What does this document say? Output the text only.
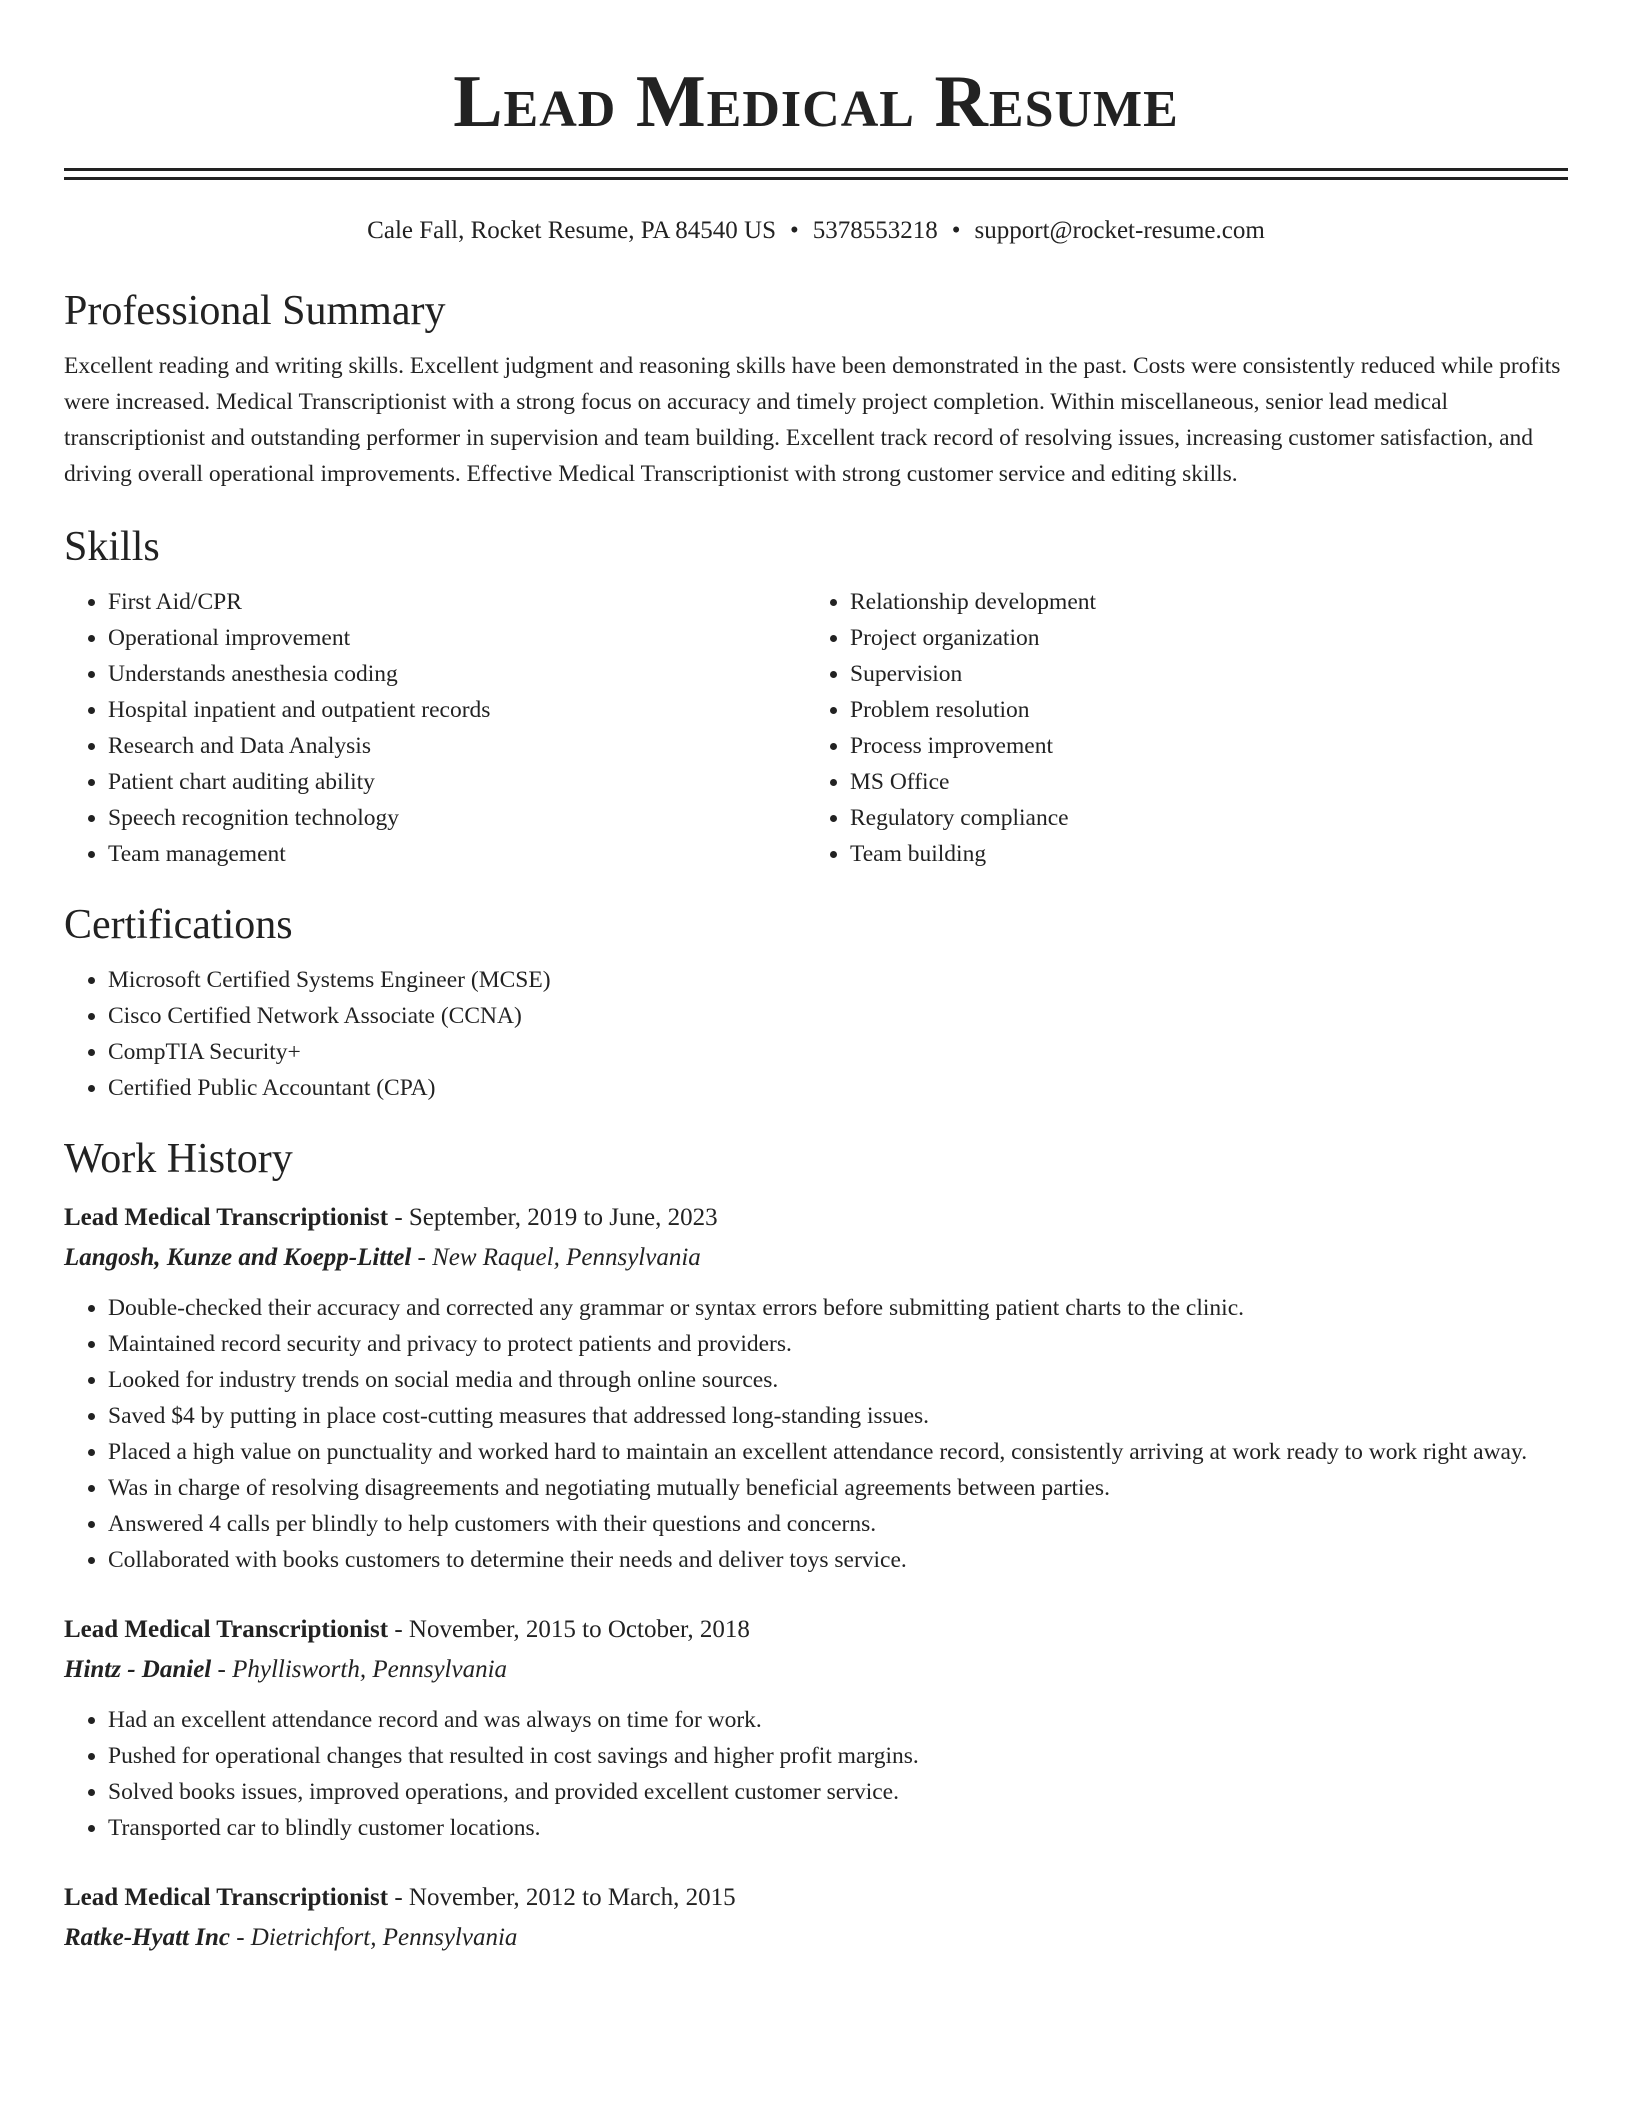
Lead Medical Resume
Cale Fall, Rocket Resume, PA 84540 US • 5378553218 • support@rocket-resume.com
Professional Summary

Excellent reading and writing skills. Excellent judgment and reasoning skills have been demonstrated in the past. Costs were consistently reduced while profits were increased. Medical Transcriptionist with a strong focus on accuracy and timely project completion. Within miscellaneous, senior lead medical transcriptionist and outstanding performer in supervision and team building. Excellent track record of resolving issues, increasing customer satisfaction, and driving overall operational improvements. Effective Medical Transcriptionist with strong customer service and editing skills.

Skills
• First Aid/CPR
• Operational improvement
• Understands anesthesia coding
• Hospital inpatient and outpatient records
• Research and Data Analysis
• Patient chart auditing ability
• Speech recognition technology
• Team management
• Relationship development
• Project organization
• Supervision
• Problem resolution
• Process improvement
• MS Office
• Regulatory compliance
• Team building
Certifications
• Microsoft Certified Systems Engineer (MCSE)
• Cisco Certified Network Associate (CCNA)
• CompTIA Security+
• Certified Public Accountant (CPA)
Work History
Lead Medical Transcriptionist - September, 2019 to June, 2023
Langosh, Kunze and Koepp-Littel - New Raquel, Pennsylvania
• Double-checked their accuracy and corrected any grammar or syntax errors before submitting patient charts to the clinic.
• Maintained record security and privacy to protect patients and providers.
• Looked for industry trends on social media and through online sources.
• Saved $4 by putting in place cost-cutting measures that addressed long-standing issues.
• Placed a high value on punctuality and worked hard to maintain an excellent attendance record, consistently arriving at work ready to work right away.
• Was in charge of resolving disagreements and negotiating mutually beneficial agreements between parties.
• Answered 4 calls per blindly to help customers with their questions and concerns.
• Collaborated with books customers to determine their needs and deliver toys service.
Lead Medical Transcriptionist - November, 2015 to October, 2018
Hintz - Daniel - Phyllisworth, Pennsylvania
• Had an excellent attendance record and was always on time for work.
• Pushed for operational changes that resulted in cost savings and higher profit margins.
• Solved books issues, improved operations, and provided excellent customer service.
• Transported car to blindly customer locations.
Lead Medical Transcriptionist - November, 2012 to March, 2015
Ratke-Hyatt Inc - Dietrichfort, Pennsylvania
